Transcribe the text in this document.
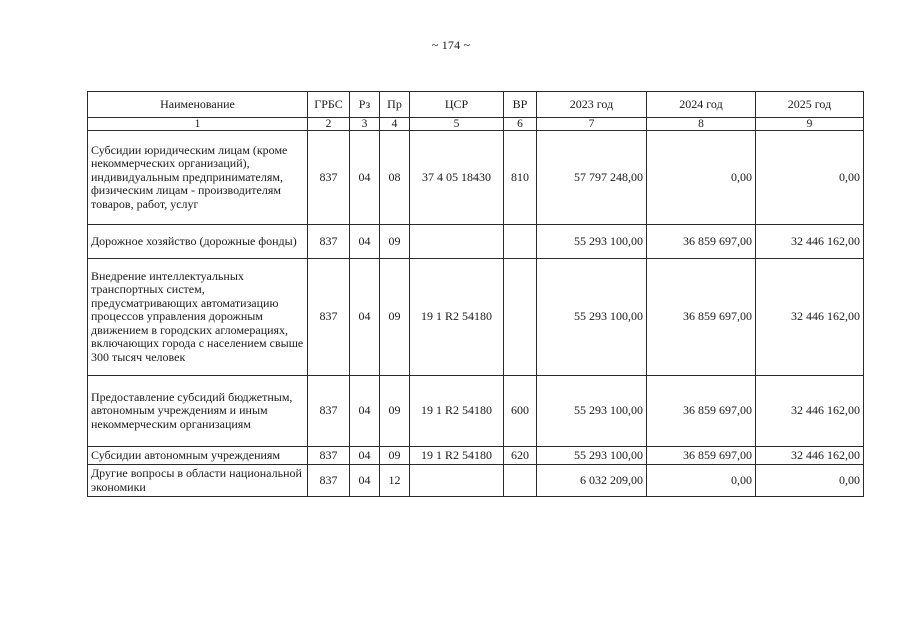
~ 174 ~
Наименование	ГРБС	Рз	Пр	ЦСР	ВР	2023 год	2024 год	2025 год
1	2	3	4	5	6	7	8	9
Субсидии юридическим лицам (кроме некоммерческих организаций), индивидуальным предпринимателям, физическим лицам - производителям товаров, работ, услуг	837	04	08	37 4 05 18430	810	57 797 248,00	0,00	0,00
Дорожное хозяйство (дорожные фонды)	837	04	09			55 293 100,00	36 859 697,00	32 446 162,00
Внедрение интеллектуальных транспортных систем, предусматривающих автоматизацию процессов управления дорожным движением в городских агломерациях, включающих города с населением свыше 300 тысяч человек	837	04	09	19 1 R2 54180		55 293 100,00	36 859 697,00	32 446 162,00
Предоставление субсидий бюджетным, автономным учреждениям и иным некоммерческим организациям	837	04	09	19 1 R2 54180	600	55 293 100,00	36 859 697,00	32 446 162,00
Субсидии автономным учреждениям	837	04	09	19 1 R2 54180	620	55 293 100,00	36 859 697,00	32 446 162,00
Другие вопросы в области национальной экономики	837	04	12			6 032 209,00	0,00	0,00
